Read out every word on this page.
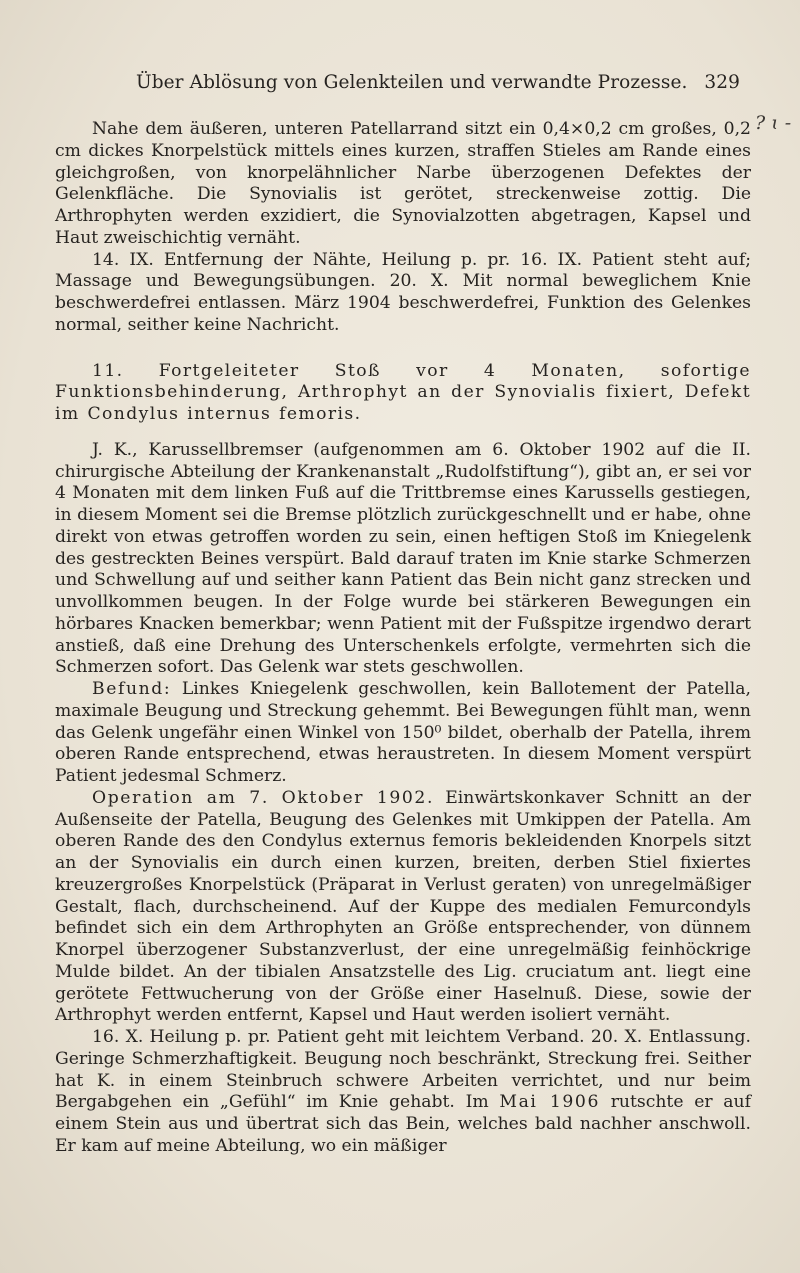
Über Ablösung von Gelenkteilen und verwandte Prozesse. 329
? ɩ -

Nahe dem äußeren, unteren Patellarrand sitzt ein 0,4×0,2 cm großes, 0,2 cm dickes Knorpelstück mittels eines kurzen, straffen Stieles am Rande eines gleichgroßen, von knorpelähnlicher Narbe überzogenen Defektes der Gelenkfläche. Die Synovialis ist gerötet, streckenweise zottig. Die Arthrophyten werden exzidiert, die Synovialzotten abgetragen, Kapsel und Haut zweischichtig vernäht.

14. IX. Entfernung der Nähte, Heilung p. pr. 16. IX. Patient steht auf; Massage und Bewegungsübungen. 20. X. Mit normal beweglichem Knie beschwerdefrei entlassen. März 1904 beschwerdefrei, Funktion des Gelenkes normal, seither keine Nachricht.

11. Fortgeleiteter Stoß vor 4 Monaten, sofortige Funktionsbehinderung, Arthrophyt an der Synovialis fixiert, Defekt im Condylus internus femoris.

J. K., Karussellbremser (aufgenommen am 6. Oktober 1902 auf die II. chirurgische Abteilung der Krankenanstalt „Rudolfstiftung“), gibt an, er sei vor 4 Monaten mit dem linken Fuß auf die Trittbremse eines Karussells gestiegen, in diesem Moment sei die Bremse plötzlich zurückgeschnellt und er habe, ohne direkt von etwas getroffen worden zu sein, einen heftigen Stoß im Kniegelenk des gestreckten Beines verspürt. Bald darauf traten im Knie starke Schmerzen und Schwellung auf und seither kann Patient das Bein nicht ganz strecken und unvollkommen beugen. In der Folge wurde bei stärkeren Bewegungen ein hörbares Knacken bemerkbar; wenn Patient mit der Fußspitze irgendwo derart anstieß, daß eine Drehung des Unterschenkels erfolgte, vermehrten sich die Schmerzen sofort. Das Gelenk war stets geschwollen.

Befund: Linkes Kniegelenk geschwollen, kein Ballotement der Patella, maximale Beugung und Streckung gehemmt. Bei Bewegungen fühlt man, wenn das Gelenk ungefähr einen Winkel von 150⁰ bildet, oberhalb der Patella, ihrem oberen Rande entsprechend, etwas heraustreten. In diesem Moment verspürt Patient jedesmal Schmerz.

Operation am 7. Oktober 1902. Einwärtskonkaver Schnitt an der Außenseite der Patella, Beugung des Gelenkes mit Umkippen der Patella. Am oberen Rande des den Condylus externus femoris bekleidenden Knorpels sitzt an der Synovialis ein durch einen kurzen, breiten, derben Stiel fixiertes kreuzergroßes Knorpelstück (Präparat in Verlust geraten) von unregelmäßiger Gestalt, flach, durchscheinend. Auf der Kuppe des medialen Femurcondyls befindet sich ein dem Arthrophyten an Größe entsprechender, von dünnem Knorpel überzogener Substanzverlust, der eine unregelmäßig feinhöckrige Mulde bildet. An der tibialen Ansatzstelle des Lig. cruciatum ant. liegt eine gerötete Fettwucherung von der Größe einer Haselnuß. Diese, sowie der Arthrophyt werden entfernt, Kapsel und Haut werden isoliert vernäht.

16. X. Heilung p. pr. Patient geht mit leichtem Verband. 20. X. Entlassung. Geringe Schmerzhaftigkeit. Beugung noch beschränkt, Streckung frei. Seither hat K. in einem Steinbruch schwere Arbeiten verrichtet, und nur beim Bergabgehen ein „Gefühl“ im Knie gehabt. Im Mai 1906 rutschte er auf einem Stein aus und übertrat sich das Bein, welches bald nachher anschwoll. Er kam auf meine Abteilung, wo ein mäßiger
